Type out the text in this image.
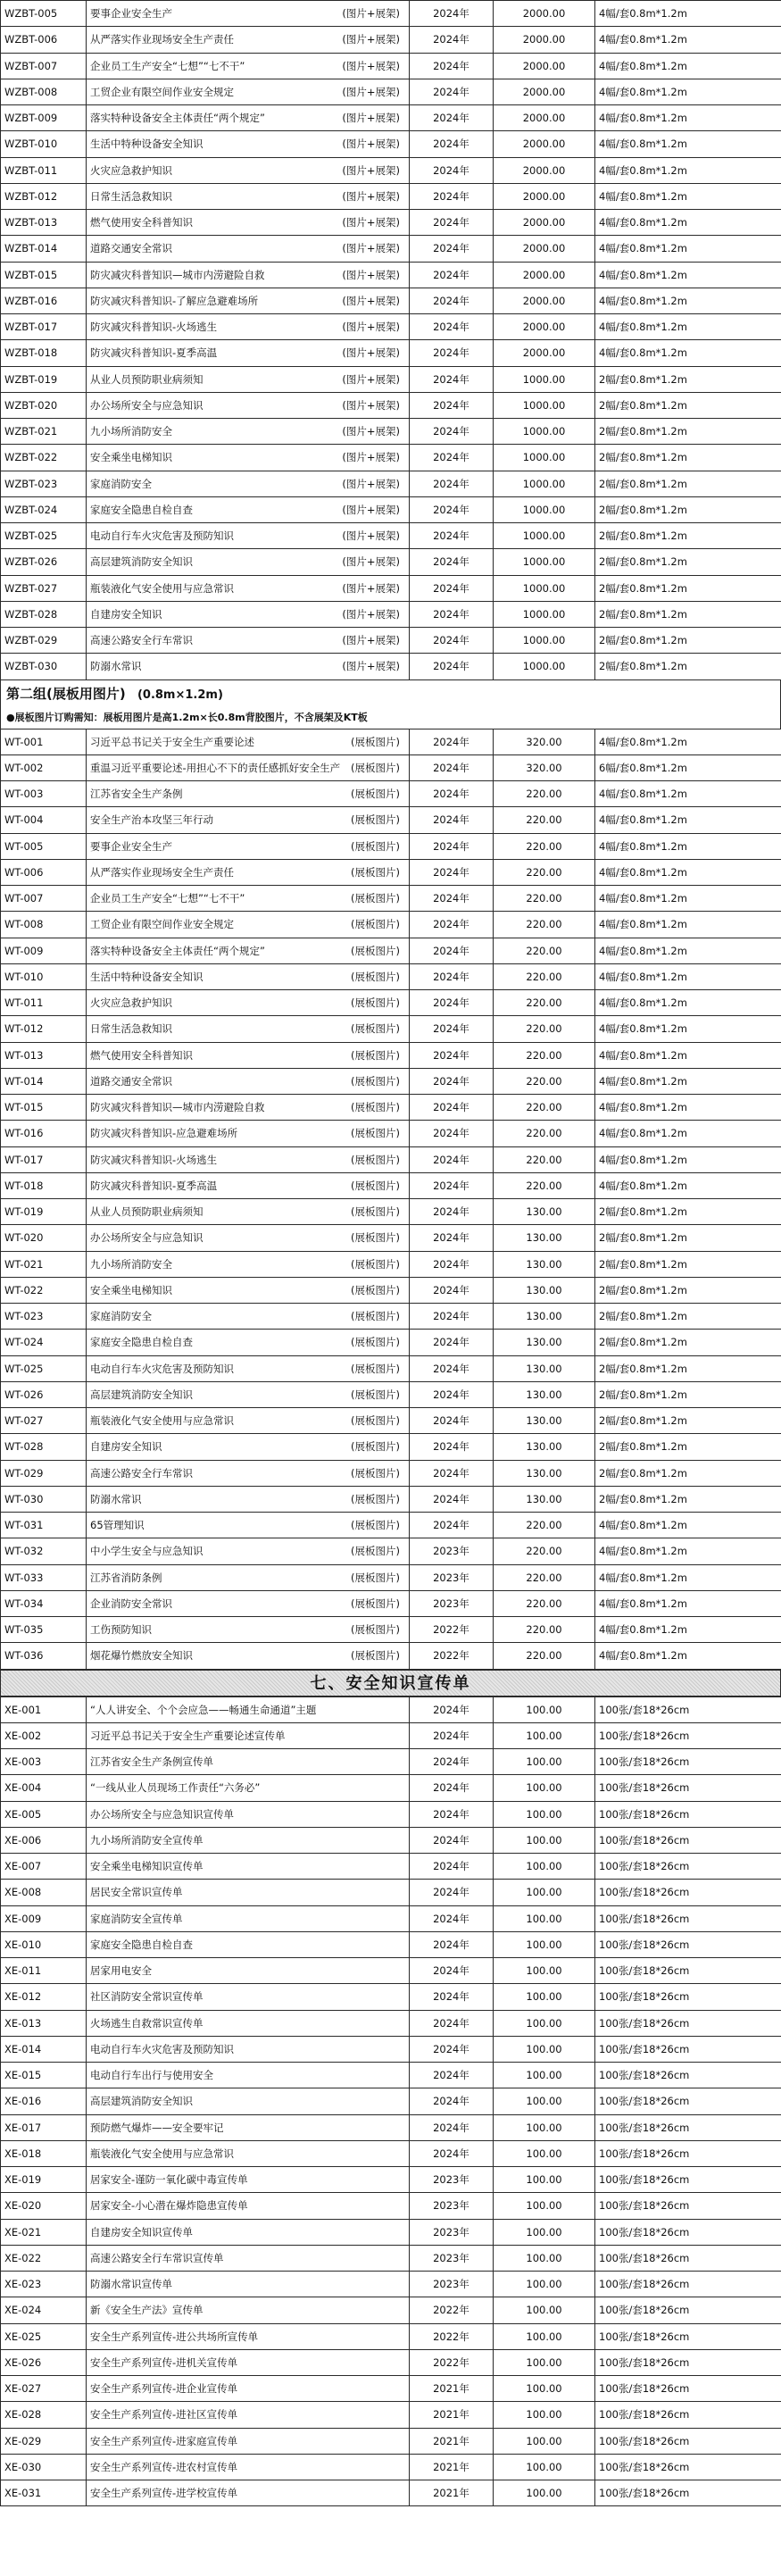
WZBT-005	要事企业安全生产 (图片+展架)	2024年	2000.00	4幅/套0.8m*1.2m
WZBT-006	从严落实作业现场安全生产责任 (图片+展架)	2024年	2000.00	4幅/套0.8m*1.2m
WZBT-007	企业员工生产安全“七想”“七不干” (图片+展架)	2024年	2000.00	4幅/套0.8m*1.2m
WZBT-008	工贸企业有限空间作业安全规定 (图片+展架)	2024年	2000.00	4幅/套0.8m*1.2m
WZBT-009	落实特种设备安全主体责任“两个规定” (图片+展架)	2024年	2000.00	4幅/套0.8m*1.2m
WZBT-010	生活中特种设备安全知识 (图片+展架)	2024年	2000.00	4幅/套0.8m*1.2m
WZBT-011	火灾应急救护知识 (图片+展架)	2024年	2000.00	4幅/套0.8m*1.2m
WZBT-012	日常生活急救知识 (图片+展架)	2024年	2000.00	4幅/套0.8m*1.2m
WZBT-013	燃气使用安全科普知识 (图片+展架)	2024年	2000.00	4幅/套0.8m*1.2m
WZBT-014	道路交通安全常识 (图片+展架)	2024年	2000.00	4幅/套0.8m*1.2m
WZBT-015	防灾减灾科普知识—城市内涝避险自救 (图片+展架)	2024年	2000.00	4幅/套0.8m*1.2m
WZBT-016	防灾减灾科普知识-了解应急避难场所 (图片+展架)	2024年	2000.00	4幅/套0.8m*1.2m
WZBT-017	防灾减灾科普知识-火场逃生 (图片+展架)	2024年	2000.00	4幅/套0.8m*1.2m
WZBT-018	防灾减灾科普知识-夏季高温 (图片+展架)	2024年	2000.00	4幅/套0.8m*1.2m
WZBT-019	从业人员预防职业病须知 (图片+展架)	2024年	1000.00	2幅/套0.8m*1.2m
WZBT-020	办公场所安全与应急知识 (图片+展架)	2024年	1000.00	2幅/套0.8m*1.2m
WZBT-021	九小场所消防安全 (图片+展架)	2024年	1000.00	2幅/套0.8m*1.2m
WZBT-022	安全乘坐电梯知识 (图片+展架)	2024年	1000.00	2幅/套0.8m*1.2m
WZBT-023	家庭消防安全 (图片+展架)	2024年	1000.00	2幅/套0.8m*1.2m
WZBT-024	家庭安全隐患自检自查 (图片+展架)	2024年	1000.00	2幅/套0.8m*1.2m
WZBT-025	电动自行车火灾危害及预防知识 (图片+展架)	2024年	1000.00	2幅/套0.8m*1.2m
WZBT-026	高层建筑消防安全知识 (图片+展架)	2024年	1000.00	2幅/套0.8m*1.2m
WZBT-027	瓶装液化气安全使用与应急常识 (图片+展架)	2024年	1000.00	2幅/套0.8m*1.2m
WZBT-028	自建房安全知识 (图片+展架)	2024年	1000.00	2幅/套0.8m*1.2m
WZBT-029	高速公路安全行车常识 (图片+展架)	2024年	1000.00	2幅/套0.8m*1.2m
WZBT-030	防溺水常识 (图片+展架)	2024年	1000.00	2幅/套0.8m*1.2m
第二组(展板用图片) (0.8m×1.2m)
●展板图片订购需知：展板用图片是高1.2m×长0.8m背胶图片，不含展架及KT板
WT-001	习近平总书记关于安全生产重要论述 (展板图片)	2024年	320.00	4幅/套0.8m*1.2m
WT-002	重温习近平重要论述-用担心不下的责任感抓好安全生产 (展板图片)	2024年	320.00	6幅/套0.8m*1.2m
WT-003	江苏省安全生产条例 (展板图片)	2024年	220.00	4幅/套0.8m*1.2m
WT-004	安全生产治本攻坚三年行动 (展板图片)	2024年	220.00	4幅/套0.8m*1.2m
WT-005	要事企业安全生产 (展板图片)	2024年	220.00	4幅/套0.8m*1.2m
WT-006	从严落实作业现场安全生产责任 (展板图片)	2024年	220.00	4幅/套0.8m*1.2m
WT-007	企业员工生产安全“七想”“七不干” (展板图片)	2024年	220.00	4幅/套0.8m*1.2m
WT-008	工贸企业有限空间作业安全规定 (展板图片)	2024年	220.00	4幅/套0.8m*1.2m
WT-009	落实特种设备安全主体责任“两个规定” (展板图片)	2024年	220.00	4幅/套0.8m*1.2m
WT-010	生活中特种设备安全知识 (展板图片)	2024年	220.00	4幅/套0.8m*1.2m
WT-011	火灾应急救护知识 (展板图片)	2024年	220.00	4幅/套0.8m*1.2m
WT-012	日常生活急救知识 (展板图片)	2024年	220.00	4幅/套0.8m*1.2m
WT-013	燃气使用安全科普知识 (展板图片)	2024年	220.00	4幅/套0.8m*1.2m
WT-014	道路交通安全常识 (展板图片)	2024年	220.00	4幅/套0.8m*1.2m
WT-015	防灾减灾科普知识—城市内涝避险自救 (展板图片)	2024年	220.00	4幅/套0.8m*1.2m
WT-016	防灾减灾科普知识-应急避难场所 (展板图片)	2024年	220.00	4幅/套0.8m*1.2m
WT-017	防灾减灾科普知识-火场逃生 (展板图片)	2024年	220.00	4幅/套0.8m*1.2m
WT-018	防灾减灾科普知识-夏季高温 (展板图片)	2024年	220.00	4幅/套0.8m*1.2m
WT-019	从业人员预防职业病须知 (展板图片)	2024年	130.00	2幅/套0.8m*1.2m
WT-020	办公场所安全与应急知识 (展板图片)	2024年	130.00	2幅/套0.8m*1.2m
WT-021	九小场所消防安全 (展板图片)	2024年	130.00	2幅/套0.8m*1.2m
WT-022	安全乘坐电梯知识 (展板图片)	2024年	130.00	2幅/套0.8m*1.2m
WT-023	家庭消防安全 (展板图片)	2024年	130.00	2幅/套0.8m*1.2m
WT-024	家庭安全隐患自检自查 (展板图片)	2024年	130.00	2幅/套0.8m*1.2m
WT-025	电动自行车火灾危害及预防知识 (展板图片)	2024年	130.00	2幅/套0.8m*1.2m
WT-026	高层建筑消防安全知识 (展板图片)	2024年	130.00	2幅/套0.8m*1.2m
WT-027	瓶装液化气安全使用与应急常识 (展板图片)	2024年	130.00	2幅/套0.8m*1.2m
WT-028	自建房安全知识 (展板图片)	2024年	130.00	2幅/套0.8m*1.2m
WT-029	高速公路安全行车常识 (展板图片)	2024年	130.00	2幅/套0.8m*1.2m
WT-030	防溺水常识 (展板图片)	2024年	130.00	2幅/套0.8m*1.2m
WT-031	65管理知识 (展板图片)	2024年	220.00	4幅/套0.8m*1.2m
WT-032	中小学生安全与应急知识 (展板图片)	2023年	220.00	4幅/套0.8m*1.2m
WT-033	江苏省消防条例 (展板图片)	2023年	220.00	4幅/套0.8m*1.2m
WT-034	企业消防安全常识 (展板图片)	2023年	220.00	4幅/套0.8m*1.2m
WT-035	工伤预防知识 (展板图片)	2022年	220.00	4幅/套0.8m*1.2m
WT-036	烟花爆竹燃放安全知识 (展板图片)	2022年	220.00	4幅/套0.8m*1.2m
七、安全知识宣传单
XE-001	“人人讲安全、个个会应急——畅通生命通道”主题	2024年	100.00	100张/套18*26cm
XE-002	习近平总书记关于安全生产重要论述宣传单	2024年	100.00	100张/套18*26cm
XE-003	江苏省安全生产条例宣传单	2024年	100.00	100张/套18*26cm
XE-004	“一线从业人员现场工作责任“六务必”	2024年	100.00	100张/套18*26cm
XE-005	办公场所安全与应急知识宣传单	2024年	100.00	100张/套18*26cm
XE-006	九小场所消防安全宣传单	2024年	100.00	100张/套18*26cm
XE-007	安全乘坐电梯知识宣传单	2024年	100.00	100张/套18*26cm
XE-008	居民安全常识宣传单	2024年	100.00	100张/套18*26cm
XE-009	家庭消防安全宣传单	2024年	100.00	100张/套18*26cm
XE-010	家庭安全隐患自检自查	2024年	100.00	100张/套18*26cm
XE-011	居家用电安全	2024年	100.00	100张/套18*26cm
XE-012	社区消防安全常识宣传单	2024年	100.00	100张/套18*26cm
XE-013	火场逃生自救常识宣传单	2024年	100.00	100张/套18*26cm
XE-014	电动自行车火灾危害及预防知识	2024年	100.00	100张/套18*26cm
XE-015	电动自行车出行与使用安全	2024年	100.00	100张/套18*26cm
XE-016	高层建筑消防安全知识	2024年	100.00	100张/套18*26cm
XE-017	预防燃气爆炸——安全要牢记	2024年	100.00	100张/套18*26cm
XE-018	瓶装液化气安全使用与应急常识	2024年	100.00	100张/套18*26cm
XE-019	居家安全-谨防一氧化碳中毒宣传单	2023年	100.00	100张/套18*26cm
XE-020	居家安全-小心潜在爆炸隐患宣传单	2023年	100.00	100张/套18*26cm
XE-021	自建房安全知识宣传单	2023年	100.00	100张/套18*26cm
XE-022	高速公路安全行车常识宣传单	2023年	100.00	100张/套18*26cm
XE-023	防溺水常识宣传单	2023年	100.00	100张/套18*26cm
XE-024	新《安全生产法》宣传单	2022年	100.00	100张/套18*26cm
XE-025	安全生产系列宣传-进公共场所宣传单	2022年	100.00	100张/套18*26cm
XE-026	安全生产系列宣传-进机关宣传单	2022年	100.00	100张/套18*26cm
XE-027	安全生产系列宣传-进企业宣传单	2021年	100.00	100张/套18*26cm
XE-028	安全生产系列宣传-进社区宣传单	2021年	100.00	100张/套18*26cm
XE-029	安全生产系列宣传-进家庭宣传单	2021年	100.00	100张/套18*26cm
XE-030	安全生产系列宣传-进农村宣传单	2021年	100.00	100张/套18*26cm
XE-031	安全生产系列宣传-进学校宣传单	2021年	100.00	100张/套18*26cm
